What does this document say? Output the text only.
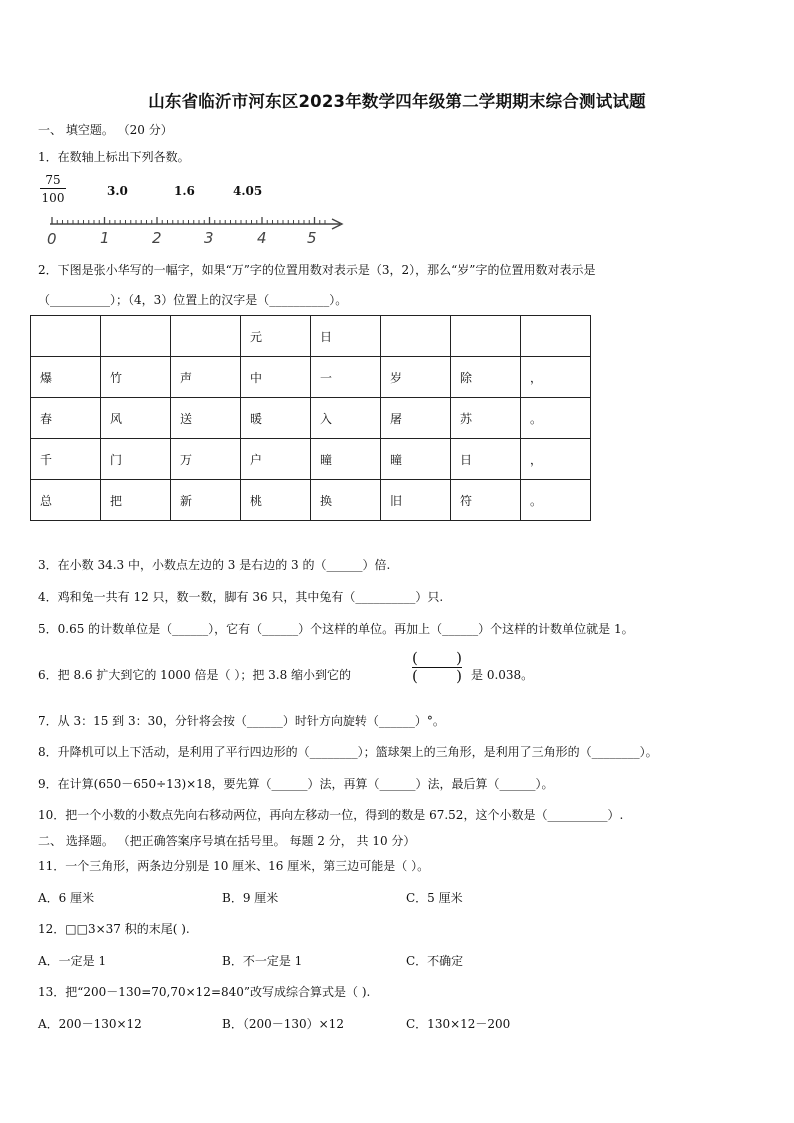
山东省临沂市河东区2023年数学四年级第二学期期末综合测试试题
一、 填空题。 （20 分）
1．在数轴上标出下列各数。
$\frac{75}{100}$	3.0	1.6	4.05
0	1	2	3	4	5
2．下图是张小华写的一幅字，如果“万”字的位置用数对表示是（3，2），那么“岁”字的位置用数对表示是
（__________）；（4，3）位置上的汉字是（__________）。
			元	日			
爆	竹	声	中	一	岁	除	，
春	风	送	暖	入	屠	苏	。
千	门	万	户	曈	曈	日	，
总	把	新	桃	换	旧	符	。
3．在小数 34.3 中，小数点左边的 3 是右边的 3 的（______）倍.
4．鸡和兔一共有 12 只，数一数，脚有 36 只，其中兔有（__________）只.
5．0.65 的计数单位是（______），它有（______）个这样的单位。再加上（______）个这样的计数单位就是 1。
6．把 8.6 扩大到它的 1000 倍是（ ）；把 3.8 缩小到它的
(	)
(	) 是 0.038。
7．从 3：15 到 3：30，分针将会按（______）时针方向旋转（______）°。
8．升降机可以上下活动，是利用了平行四边形的（________）；篮球架上的三角形，是利用了三角形的（________）。
9．在计算(650－650÷13)×18，要先算（______）法，再算（______）法，最后算（______）。
10．把一个小数的小数点先向右移动两位，再向左移动一位，得到的数是 67.52，这个小数是（__________）.
二、 选择题。 （把正确答案序号填在括号里。 每题 2 分， 共 10 分）
11．一个三角形，两条边分别是 10 厘米、16 厘米，第三边可能是（ ）。
A．6 厘米	B．9 厘米	C．5 厘米
12．□□3×37 积的末尾( ).
A．一定是 1	B．不一定是 1	C．不确定
13．把“200－130=70,70×12=840”改写成综合算式是（ ).
A．200－130×12	B．（200－130）×12	C．130×12－200
